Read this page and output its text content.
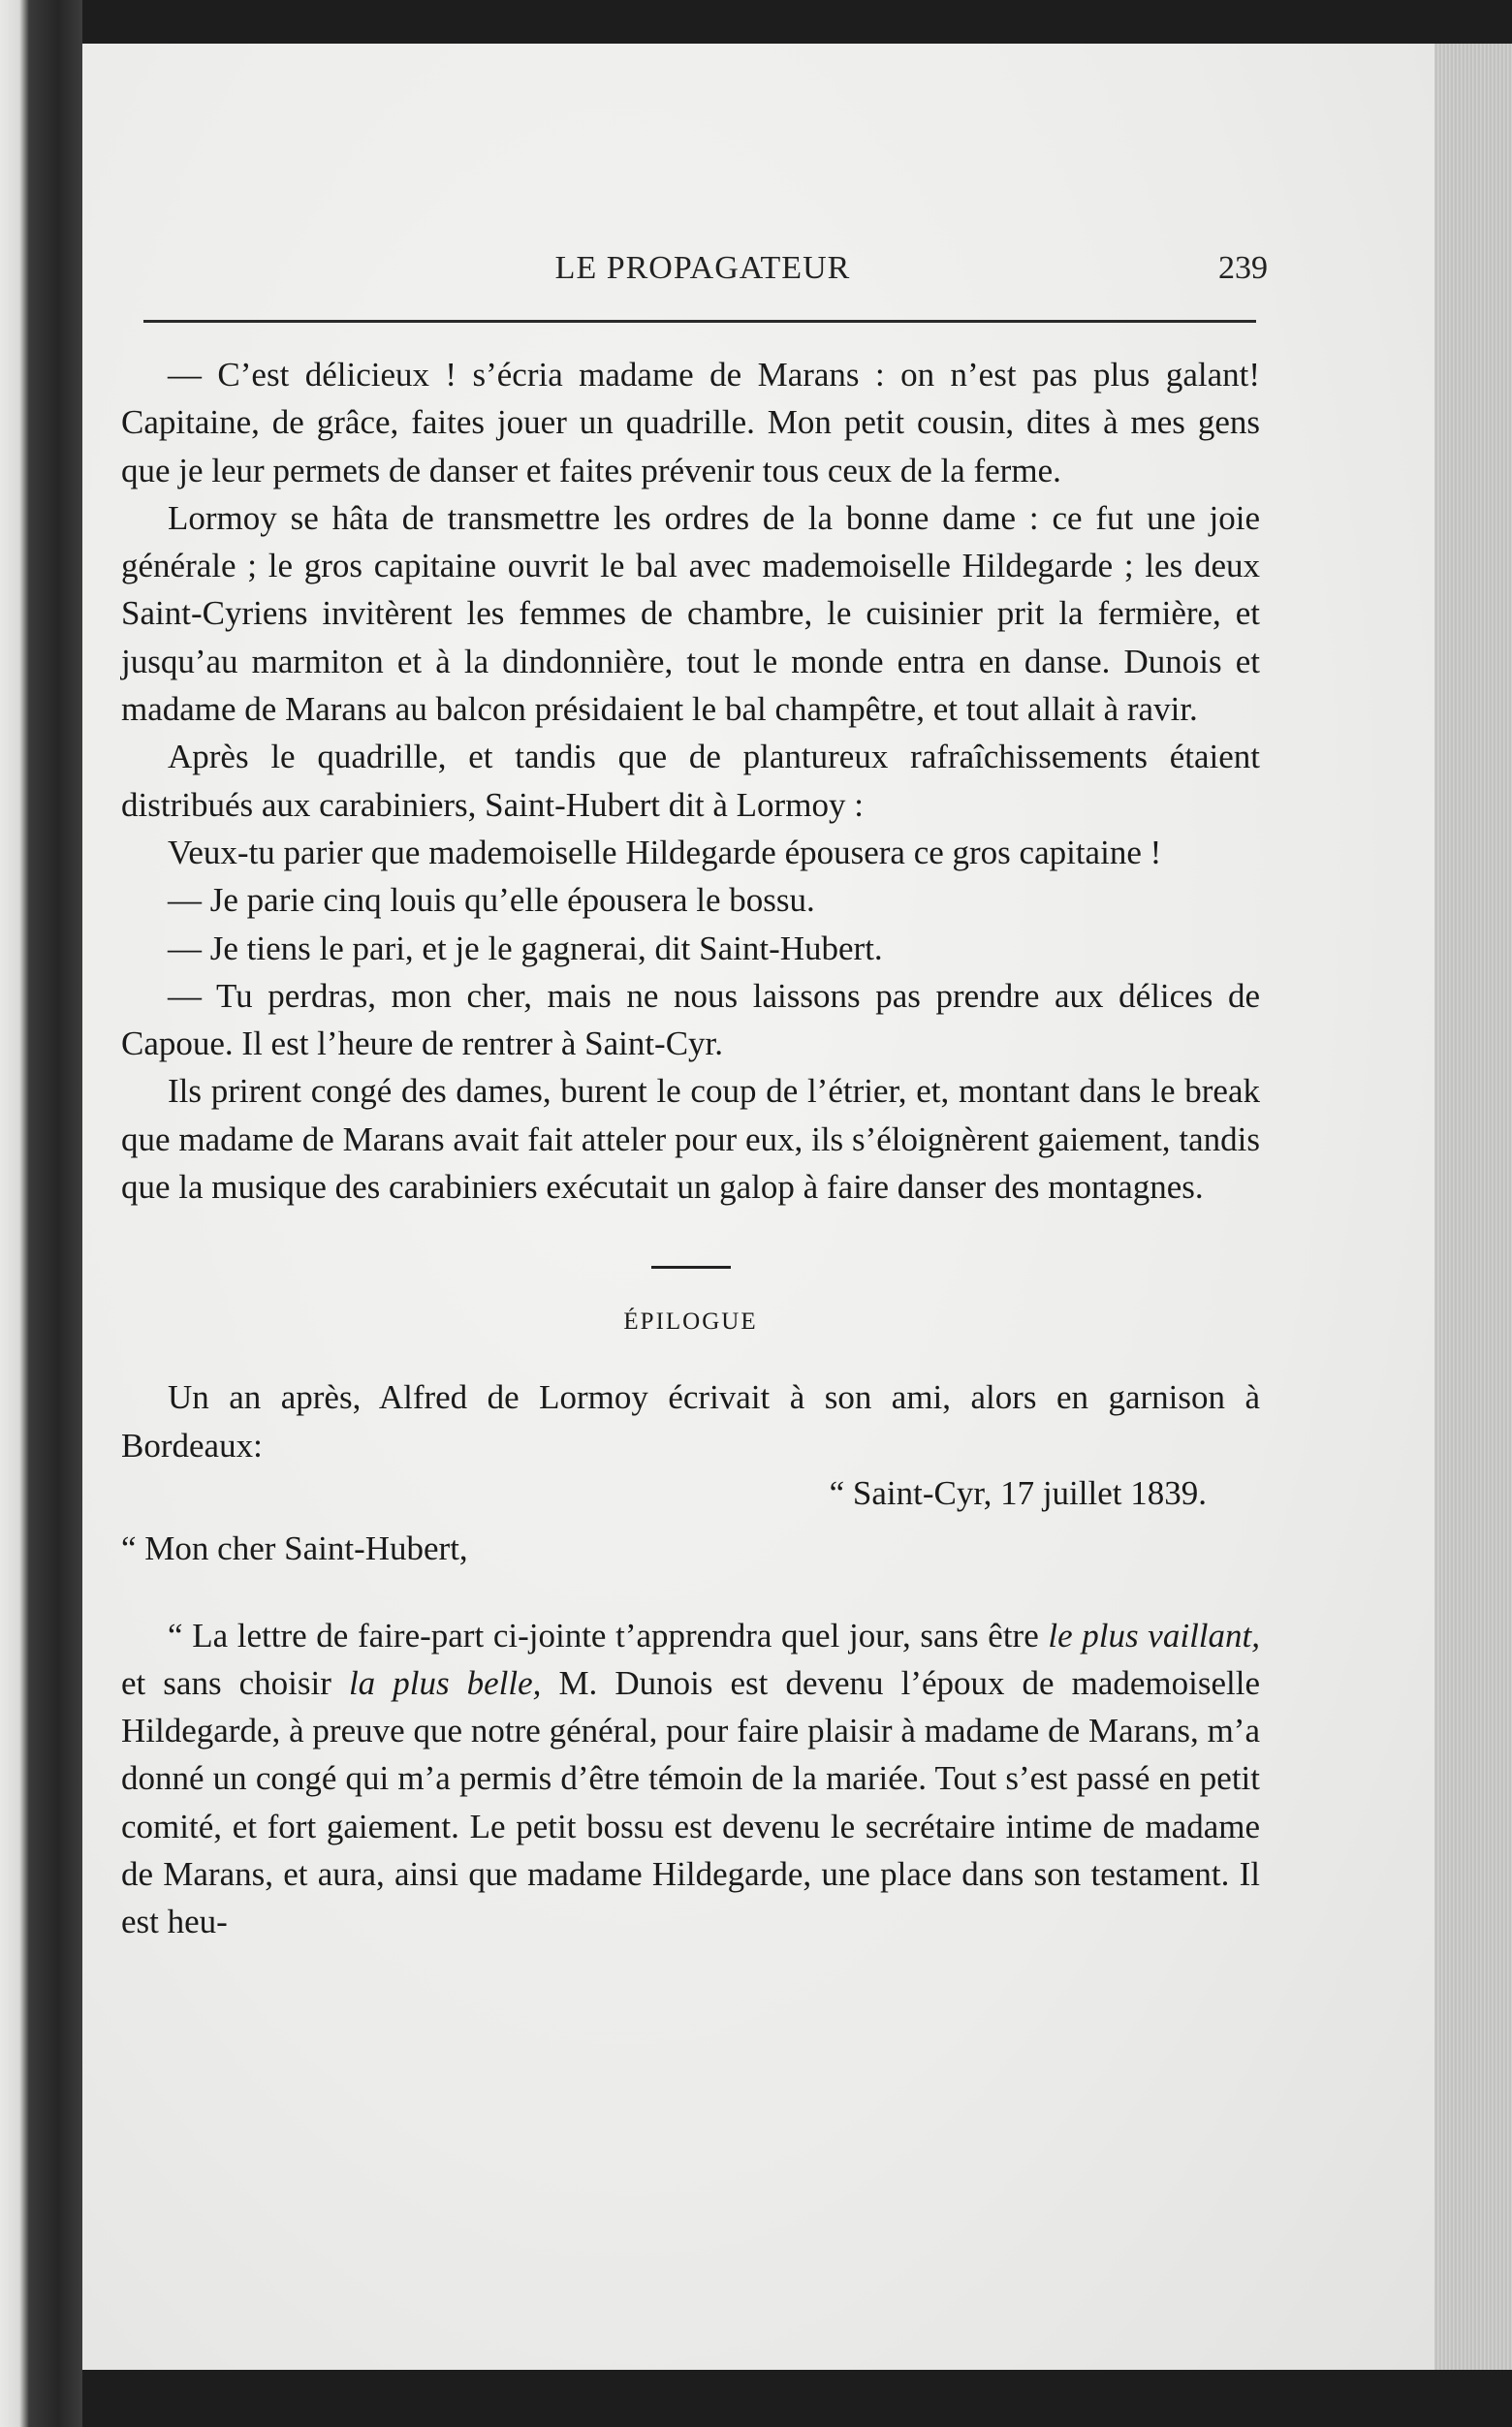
LE PROPAGATEUR	239

— C’est délicieux ! s’écria madame de Marans : on n’est pas plus galant! Capitaine, de grâce, faites jouer un quadrille. Mon petit cousin, dites à mes gens que je leur permets de danser et faites prévenir tous ceux de la ferme.

Lormoy se hâta de transmettre les ordres de la bonne dame : ce fut une joie générale ; le gros capitaine ouvrit le bal avec mademoiselle Hildegarde ; les deux Saint-Cyriens invitèrent les femmes de chambre, le cuisinier prit la fermière, et jusqu’au marmiton et à la dindonnière, tout le monde entra en danse. Dunois et madame de Marans au balcon présidaient le bal champêtre, et tout allait à ravir.

Après le quadrille, et tandis que de plantureux rafraîchissements étaient distribués aux carabiniers, Saint-Hubert dit à Lormoy :

Veux-tu parier que mademoiselle Hildegarde épousera ce gros capitaine !

— Je parie cinq louis qu’elle épousera le bossu.

— Je tiens le pari, et je le gagnerai, dit Saint-Hubert.

— Tu perdras, mon cher, mais ne nous laissons pas prendre aux délices de Capoue. Il est l’heure de rentrer à Saint-Cyr.

Ils prirent congé des dames, burent le coup de l’étrier, et, montant dans le break que madame de Marans avait fait atteler pour eux, ils s’éloignèrent gaiement, tandis que la musique des carabiniers exécutait un galop à faire danser des montagnes.

ÉPILOGUE

Un an après, Alfred de Lormoy écrivait à son ami, alors en garnison à Bordeaux:

“ Saint-Cyr, 17 juillet 1839.

“ Mon cher Saint-Hubert,

“ La lettre de faire-part ci-jointe t’apprendra quel jour, sans être le plus vaillant, et sans choisir la plus belle, M. Dunois est devenu l’époux de mademoiselle Hildegarde, à preuve que notre général, pour faire plaisir à madame de Marans, m’a donné un congé qui m’a permis d’être témoin de la mariée. Tout s’est passé en petit comité, et fort gaiement. Le petit bossu est devenu le secrétaire intime de madame de Marans, et aura, ainsi que madame Hildegarde, une place dans son testament. Il est heu-
